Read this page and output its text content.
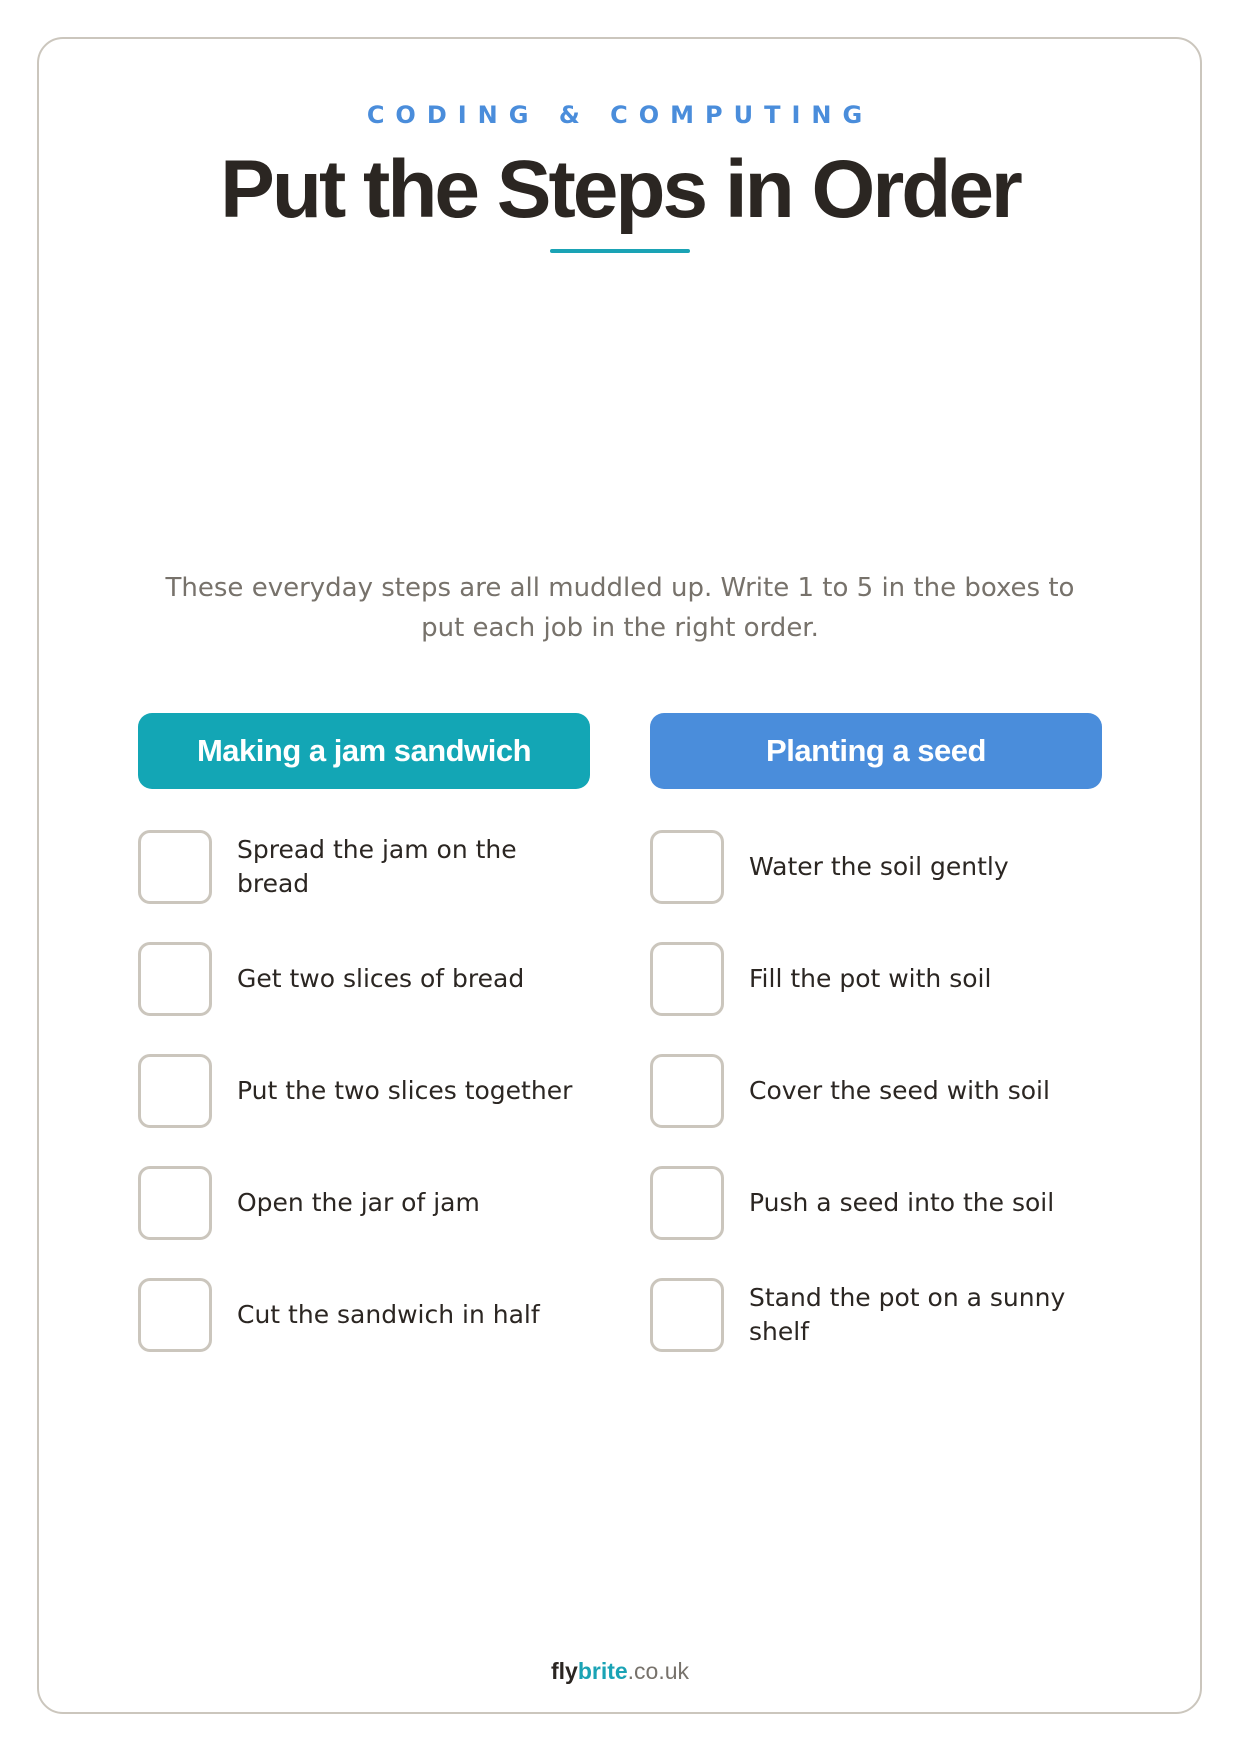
CODING & COMPUTING
Put the Steps in Order
These everyday steps are all muddled up. Write 1 to 5 in the boxes to put each job in the right order.
Making a jam sandwich
Spread the jam on the bread
Get two slices of bread
Put the two slices together
Open the jar of jam
Cut the sandwich in half
Planting a seed
Water the soil gently
Fill the pot with soil
Cover the seed with soil
Push a seed into the soil
Stand the pot on a sunny shelf
flybrite.co.uk
